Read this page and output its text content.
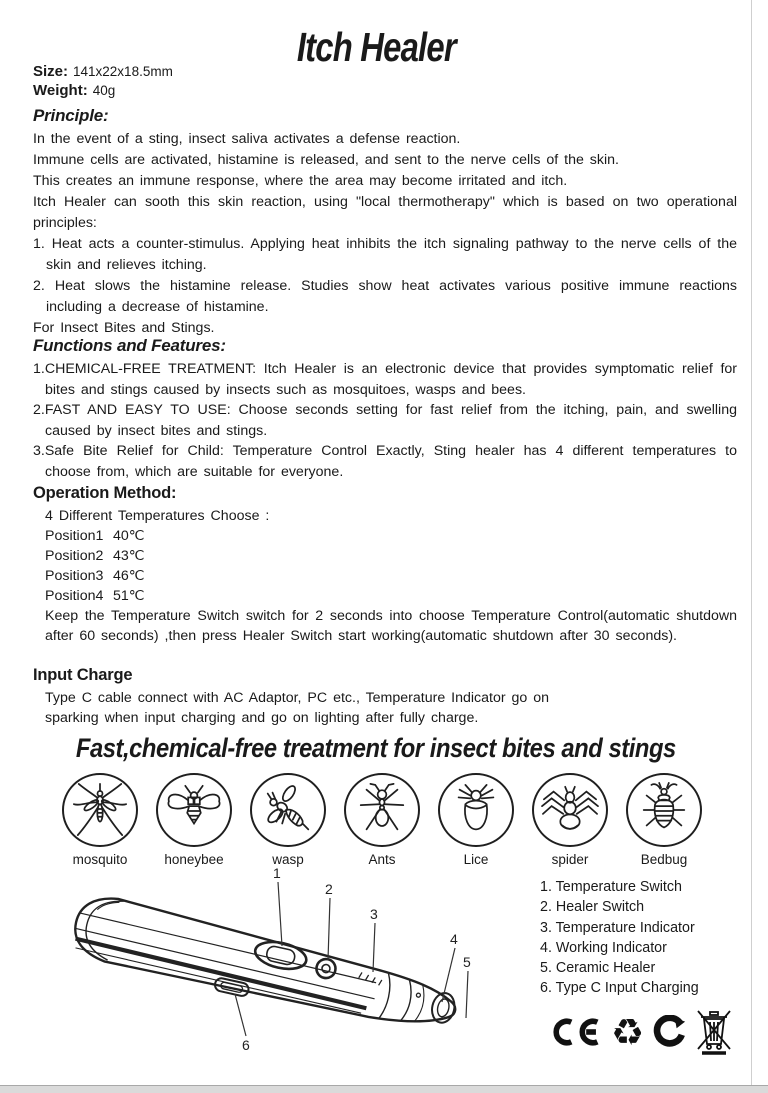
Itch Healer
Size: 141x22x18.5mm
Weight: 40g
Principle:
In the event of a sting, insect saliva activates a defense reaction.
Immune cells are activated, histamine is released, and sent to the nerve cells of the skin.
This creates an immune response, where the area may become irritated and itch.
Itch Healer can sooth this skin reaction, using "local thermotherapy" which is based on two operational principles:
1. Heat acts a counter-stimulus. Applying heat inhibits the itch signaling pathway to the nerve cells of the skin and relieves itching.
2. Heat slows the histamine release. Studies show heat activates various positive immune reactions including a decrease of histamine.
For Insect Bites and Stings.
Functions and Features:
1.CHEMICAL-FREE TREATMENT: Itch Healer is an electronic device that provides symptomatic relief for bites and stings caused by insects such as mosquitoes, wasps and bees.
2.FAST AND EASY TO USE: Choose seconds setting for fast relief from the itching, pain, and swelling caused by insect bites and stings.
3.Safe Bite Relief for Child: Temperature Control Exactly, Sting healer has 4 different temperatures to choose from, which are suitable for everyone.
Operation Method:
4 Different Temperatures Choose :
Position1 40℃
Position2 43℃
Position3 46℃
Position4 51℃
Keep the Temperature Switch switch for 2 seconds into choose Temperature Control(automatic shutdown after 60 seconds) ,then press Healer Switch start working(automatic shutdown after 30 seconds).
Input Charge
Type C cable connect with AC Adaptor, PC etc., Temperature Indicator go on
sparking when input charging and go on lighting after fully charge.
Fast,chemical-free treatment for insect bites and stings
mosquito	honeybee	wasp	Ants	Lice	spider	Bedbug
1
2
3
4
5
6
1. Temperature Switch
2. Healer Switch
3. Temperature Indicator
4. Working Indicator
5. Ceramic Healer
6. Type C Input Charging
♻
